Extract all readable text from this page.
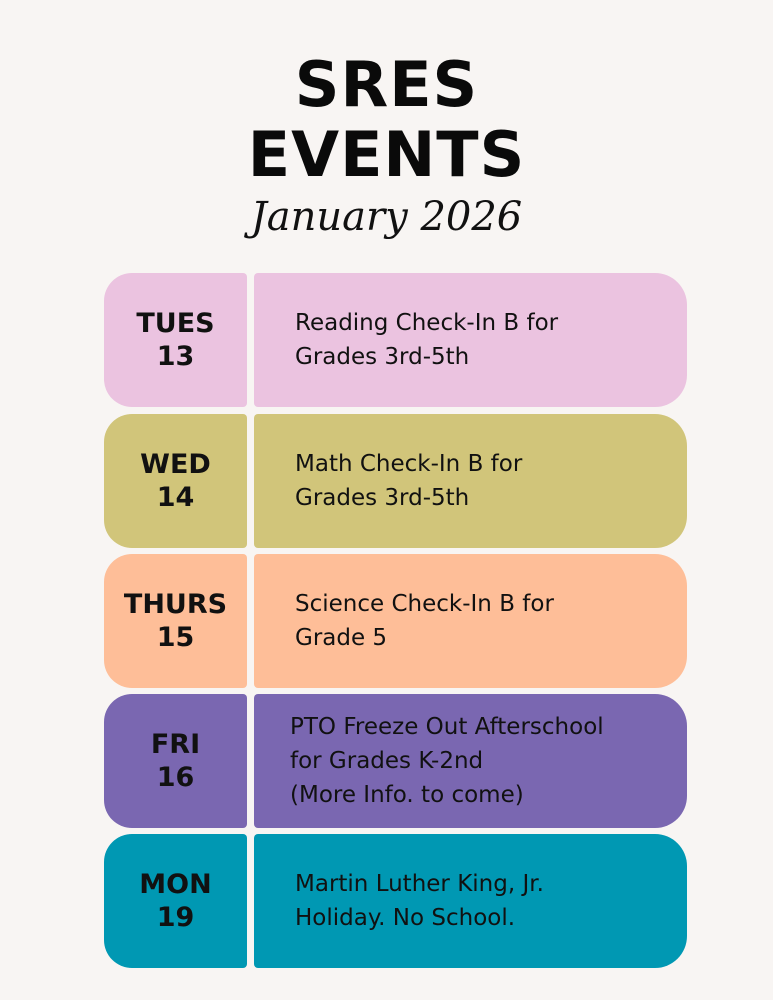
SRES
EVENTS
January 2026
TUES
13
Reading Check-In B for
Grades 3rd-5th
WED
14
Math Check-In B for
Grades 3rd-5th
THURS
15
Science Check-In B for
Grade 5
FRI
16
PTO Freeze Out Afterschool
for Grades K-2nd
(More Info. to come)
MON
19
Martin Luther King, Jr.
Holiday. No School.
